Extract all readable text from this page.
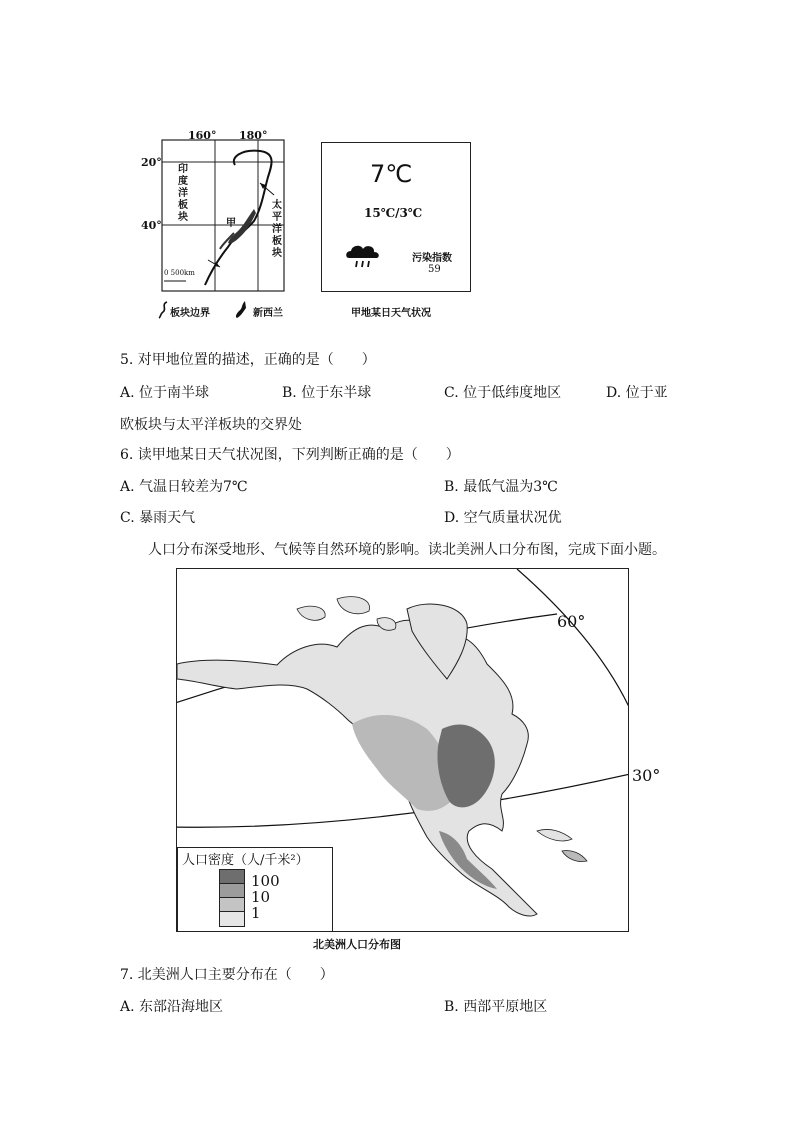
160° 180°
20°
40°
印
度
洋
板
块
太
平
洋
板
块
甲
0 500km
板块边界	新西兰
7℃
15℃/3℃
污染指数
59
甲地某日天气状况
5. 对甲地位置的描述，正确的是（　　）
A. 位于南半球	B. 位于东半球	C. 位于低纬度地区	D. 位于亚
欧板块与太平洋板块的交界处
6. 读甲地某日天气状况图，下列判断正确的是（　　）
A. 气温日较差为7℃	B. 最低气温为3℃
C. 暴雨天气	D. 空气质量状况优
人口分布深受地形、气候等自然环境的影响。读北美洲人口分布图，完成下面小题。
60°
30°
人口密度（人/千米²）
100
10
1
北美洲人口分布图
7. 北美洲人口主要分布在（　　）
A. 东部沿海地区	B. 西部平原地区
